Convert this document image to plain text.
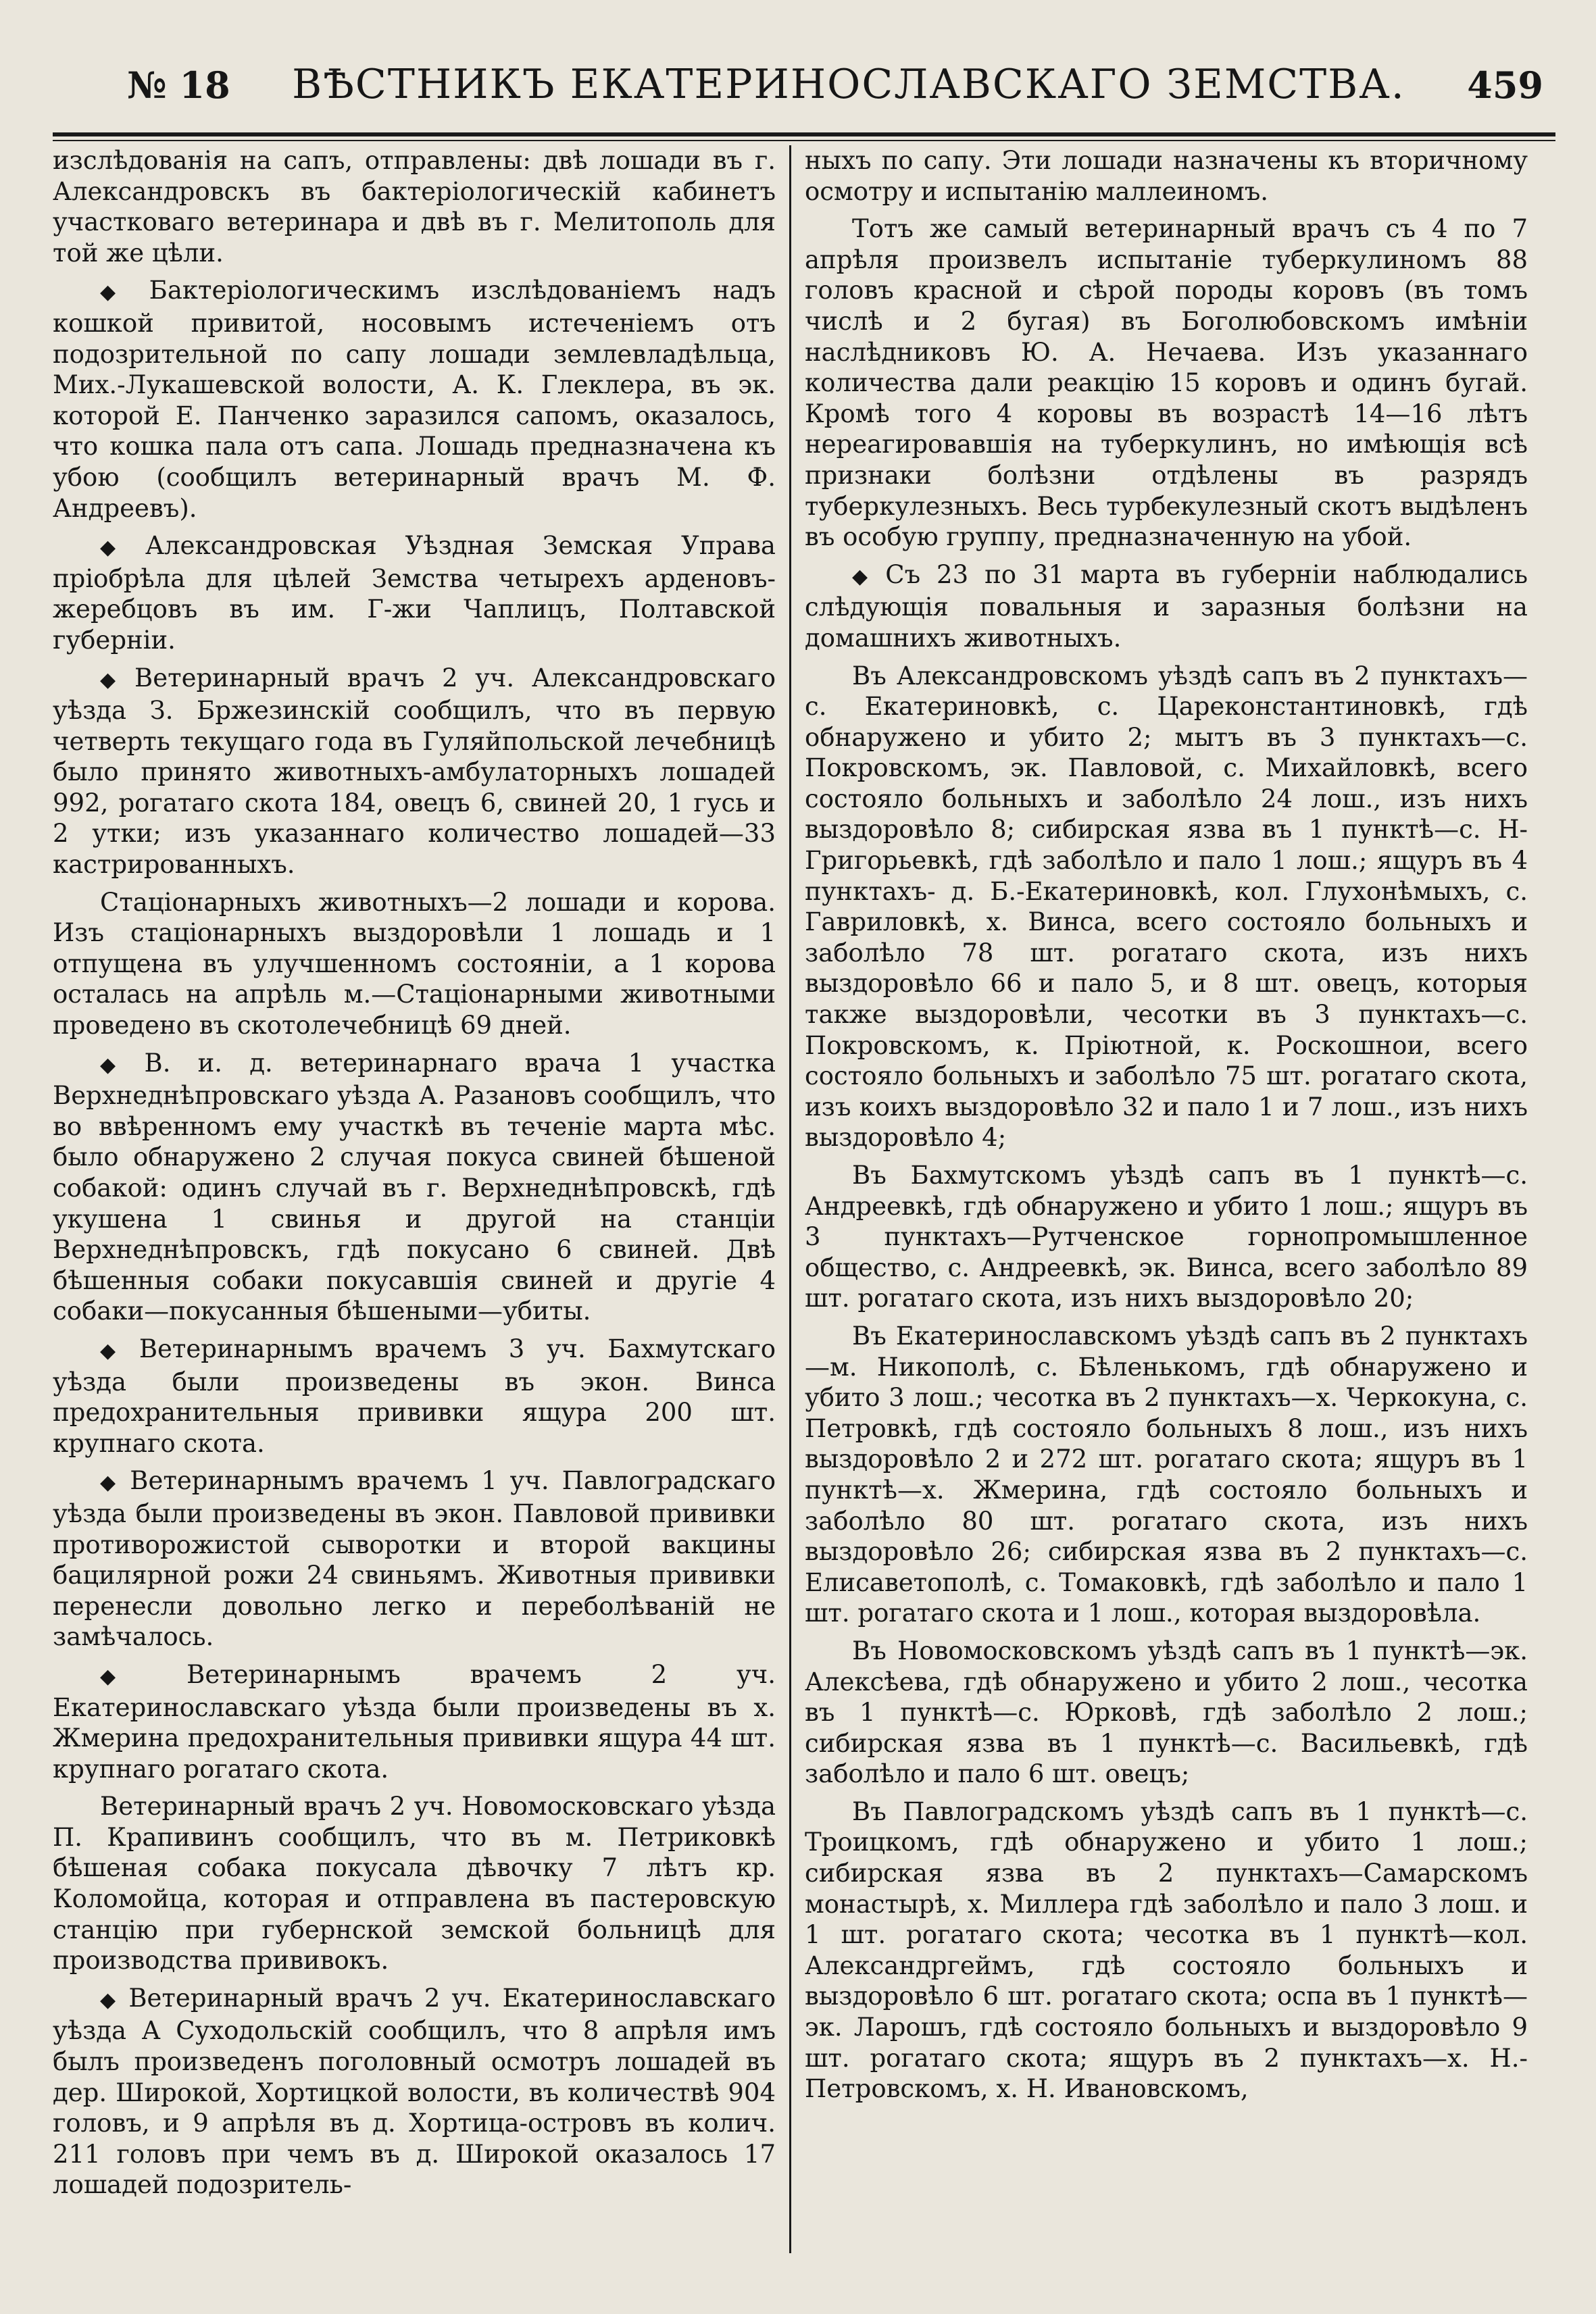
№ 18 ВѢСТНИКЪ ЕКАТЕРИНОСЛАВСКАГО ЗЕМСТВА. 459

изслѣдованія на сапъ, отправлены: двѣ лошади въ г. Александровскъ въ бактеріологическій кабинетъ участковаго ветеринара и двѣ въ г. Мелитополь для той же цѣли.

◆ Бактеріологическимъ изслѣдованіемъ надъ кошкой привитой, носовымъ истеченіемъ отъ подозрительной по сапу лошади землевладѣльца, Мих.-Лукашевской волости, А. К. Глеклера, въ эк. которой Е. Панченко заразился сапомъ, оказалось, что кошка пала отъ сапа. Лошадь предназначена къ убою (сообщилъ ветеринарный врачъ М. Ф. Андреевъ).

◆ Александровская Уѣздная Земская Управа пріобрѣла для цѣлей Земства четырехъ арденовъ-жеребцовъ въ им. Г-жи Чаплицъ, Полтавской губерніи.

◆ Ветеринарный врачъ 2 уч. Александровскаго уѣзда З. Бржезинскій сообщилъ, что въ первую четверть текущаго года въ Гуляйпольской лечебницѣ было принято животныхъ-амбулаторныхъ лошадей 992, рогатаго скота 184, овецъ 6, свиней 20, 1 гусь и 2 утки; изъ указаннаго количество лошадей—33 кастрированныхъ.

Стаціонарныхъ животныхъ—2 лошади и корова. Изъ стаціонарныхъ выздоровѣли 1 лошадь и 1 отпущена въ улучшенномъ состояніи, а 1 корова осталась на апрѣль м.—Стаціонарными животными проведено въ скотолечебницѣ 69 дней.

◆ В. и. д. ветеринарнаго врача 1 участка Верхнеднѣпровскаго уѣзда А. Разановъ сообщилъ, что во ввѣренномъ ему участкѣ въ теченіе марта мѣс. было обнаружено 2 случая покуса свиней бѣшеной собакой: одинъ случай въ г. Верхнеднѣпровскѣ, гдѣ укушена 1 свинья и другой на станціи Верхнеднѣпровскъ, гдѣ покусано 6 свиней. Двѣ бѣшенныя собаки покусавшія свиней и другіе 4 собаки—покусанныя бѣшеными—убиты.

◆ Ветеринарнымъ врачемъ 3 уч. Бахмутскаго уѣзда были произведены въ экон. Винса предохранительныя прививки ящура 200 шт. крупнаго скота.

◆ Ветеринарнымъ врачемъ 1 уч. Павлоградскаго уѣзда были произведены въ экон. Павловой прививки противорожистой сыворотки и второй вакцины бацилярной рожи 24 свиньямъ. Животныя прививки перенесли довольно легко и переболѣваній не замѣчалось.

◆ Ветеринарнымъ врачемъ 2 уч. Екатеринославскаго уѣзда были произведены въ х. Жмерина предохранительныя прививки ящура 44 шт. крупнаго рогатаго скота.

Ветеринарный врачъ 2 уч. Новомосковскаго уѣзда П. Крапивинъ сообщилъ, что въ м. Петриковкѣ бѣшеная собака покусала дѣвочку 7 лѣтъ кр. Коломойца, которая и отправлена въ пастеровскую станцію при губернской земской больницѣ для производства прививокъ.

◆ Ветеринарный врачъ 2 уч. Екатеринославскаго уѣзда А Суходольскій сообщилъ, что 8 апрѣля имъ былъ произведенъ поголовный осмотръ лошадей въ дер. Широкой, Хортицкой волости, въ количествѣ 904 головъ, и 9 апрѣля въ д. Хортица-островъ въ колич. 211 головъ при чемъ въ д. Широкой оказалось 17 лошадей подозритель-

ныхъ по сапу. Эти лошади назначены къ вторичному осмотру и испытанію маллеиномъ.

Тотъ же самый ветеринарный врачъ съ 4 по 7 апрѣля произвелъ испытаніе туберкулиномъ 88 головъ красной и сѣрой породы коровъ (въ томъ числѣ и 2 бугая) въ Боголюбовскомъ имѣніи наслѣдниковъ Ю. А. Нечаева. Изъ указаннаго количества дали реакцію 15 коровъ и одинъ бугай. Кромѣ того 4 коровы въ возрастѣ 14—16 лѣтъ нереагировавшія на туберкулинъ, но имѣющія всѣ признаки болѣзни отдѣлены въ разрядъ туберкулезныхъ. Весь турбекулезный скотъ выдѣленъ въ особую группу, предназначенную на убой.

◆ Съ 23 по 31 марта въ губерніи наблюдались слѣдующія повальныя и заразныя болѣзни на домашнихъ животныхъ.

Въ Александровскомъ уѣздѣ сапъ въ 2 пунктахъ—с. Екатериновкѣ, с. Цареконстантиновкѣ, гдѣ обнаружено и убито 2; мытъ въ 3 пунктахъ—с. Покровскомъ, эк. Павловой, с. Михайловкѣ, всего состояло больныхъ и заболѣло 24 лош., изъ нихъ выздоровѣло 8; сибирская язва въ 1 пунктѣ—с. Н-Григорьевкѣ, гдѣ заболѣло и пало 1 лош.; ящуръ въ 4 пунктахъ- д. Б.-Екатериновкѣ, кол. Глухонѣмыхъ, с. Гавриловкѣ, х. Винса, всего состояло больныхъ и заболѣло 78 шт. рогатаго скота, изъ нихъ выздоровѣло 66 и пало 5, и 8 шт. овецъ, которыя также выздоровѣли, чесотки въ 3 пунктахъ—с. Покровскомъ, к. Пріютной, к. Роскошнои, всего состояло больныхъ и заболѣло 75 шт. рогатаго скота, изъ коихъ выздоровѣло 32 и пало 1 и 7 лош., изъ нихъ выздоровѣло 4;

Въ Бахмутскомъ уѣздѣ сапъ въ 1 пунктѣ—с. Андреевкѣ, гдѣ обнаружено и убито 1 лош.; ящуръ въ 3 пунктахъ—Рутченское горнопромышленное общество, с. Андреевкѣ, эк. Винса, всего заболѣло 89 шт. рогатаго скота, изъ нихъ выздоровѣло 20;

Въ Екатеринославскомъ уѣздѣ сапъ въ 2 пунктахъ—м. Никополѣ, с. Бѣленькомъ, гдѣ обнаружено и убито 3 лош.; чесотка въ 2 пунктахъ—х. Черкокуна, с. Петровкѣ, гдѣ состояло больныхъ 8 лош., изъ нихъ выздоровѣло 2 и 272 шт. рогатаго скота; ящуръ въ 1 пунктѣ—х. Жмерина, гдѣ состояло больныхъ и заболѣло 80 шт. рогатаго скота, изъ нихъ выздоровѣло 26; сибирская язва въ 2 пунктахъ—с. Елисаветополѣ, с. Томаковкѣ, гдѣ заболѣло и пало 1 шт. рогатаго скота и 1 лош., которая выздоровѣла.

Въ Новомосковскомъ уѣздѣ сапъ въ 1 пунктѣ—эк. Алексѣева, гдѣ обнаружено и убито 2 лош., чесотка въ 1 пунктѣ—с. Юрковѣ, гдѣ заболѣло 2 лош.; сибирская язва въ 1 пунктѣ—с. Васильевкѣ, гдѣ заболѣло и пало 6 шт. овецъ;

Въ Павлоградскомъ уѣздѣ сапъ въ 1 пунктѣ—с. Троицкомъ, гдѣ обнаружено и убито 1 лош.; сибирская язва въ 2 пунктахъ—Самарскомъ монастырѣ, х. Миллера гдѣ заболѣло и пало 3 лош. и 1 шт. рогатаго скота; чесотка въ 1 пунктѣ—кол. Александргеймъ, гдѣ состояло больныхъ и выздоровѣло 6 шт. рогатаго скота; оспа въ 1 пунктѣ—эк. Ларошъ, гдѣ состояло больныхъ и выздоровѣло 9 шт. рогатаго скота; ящуръ въ 2 пунктахъ—х. Н.-Петровскомъ, х. Н. Ивановскомъ,
